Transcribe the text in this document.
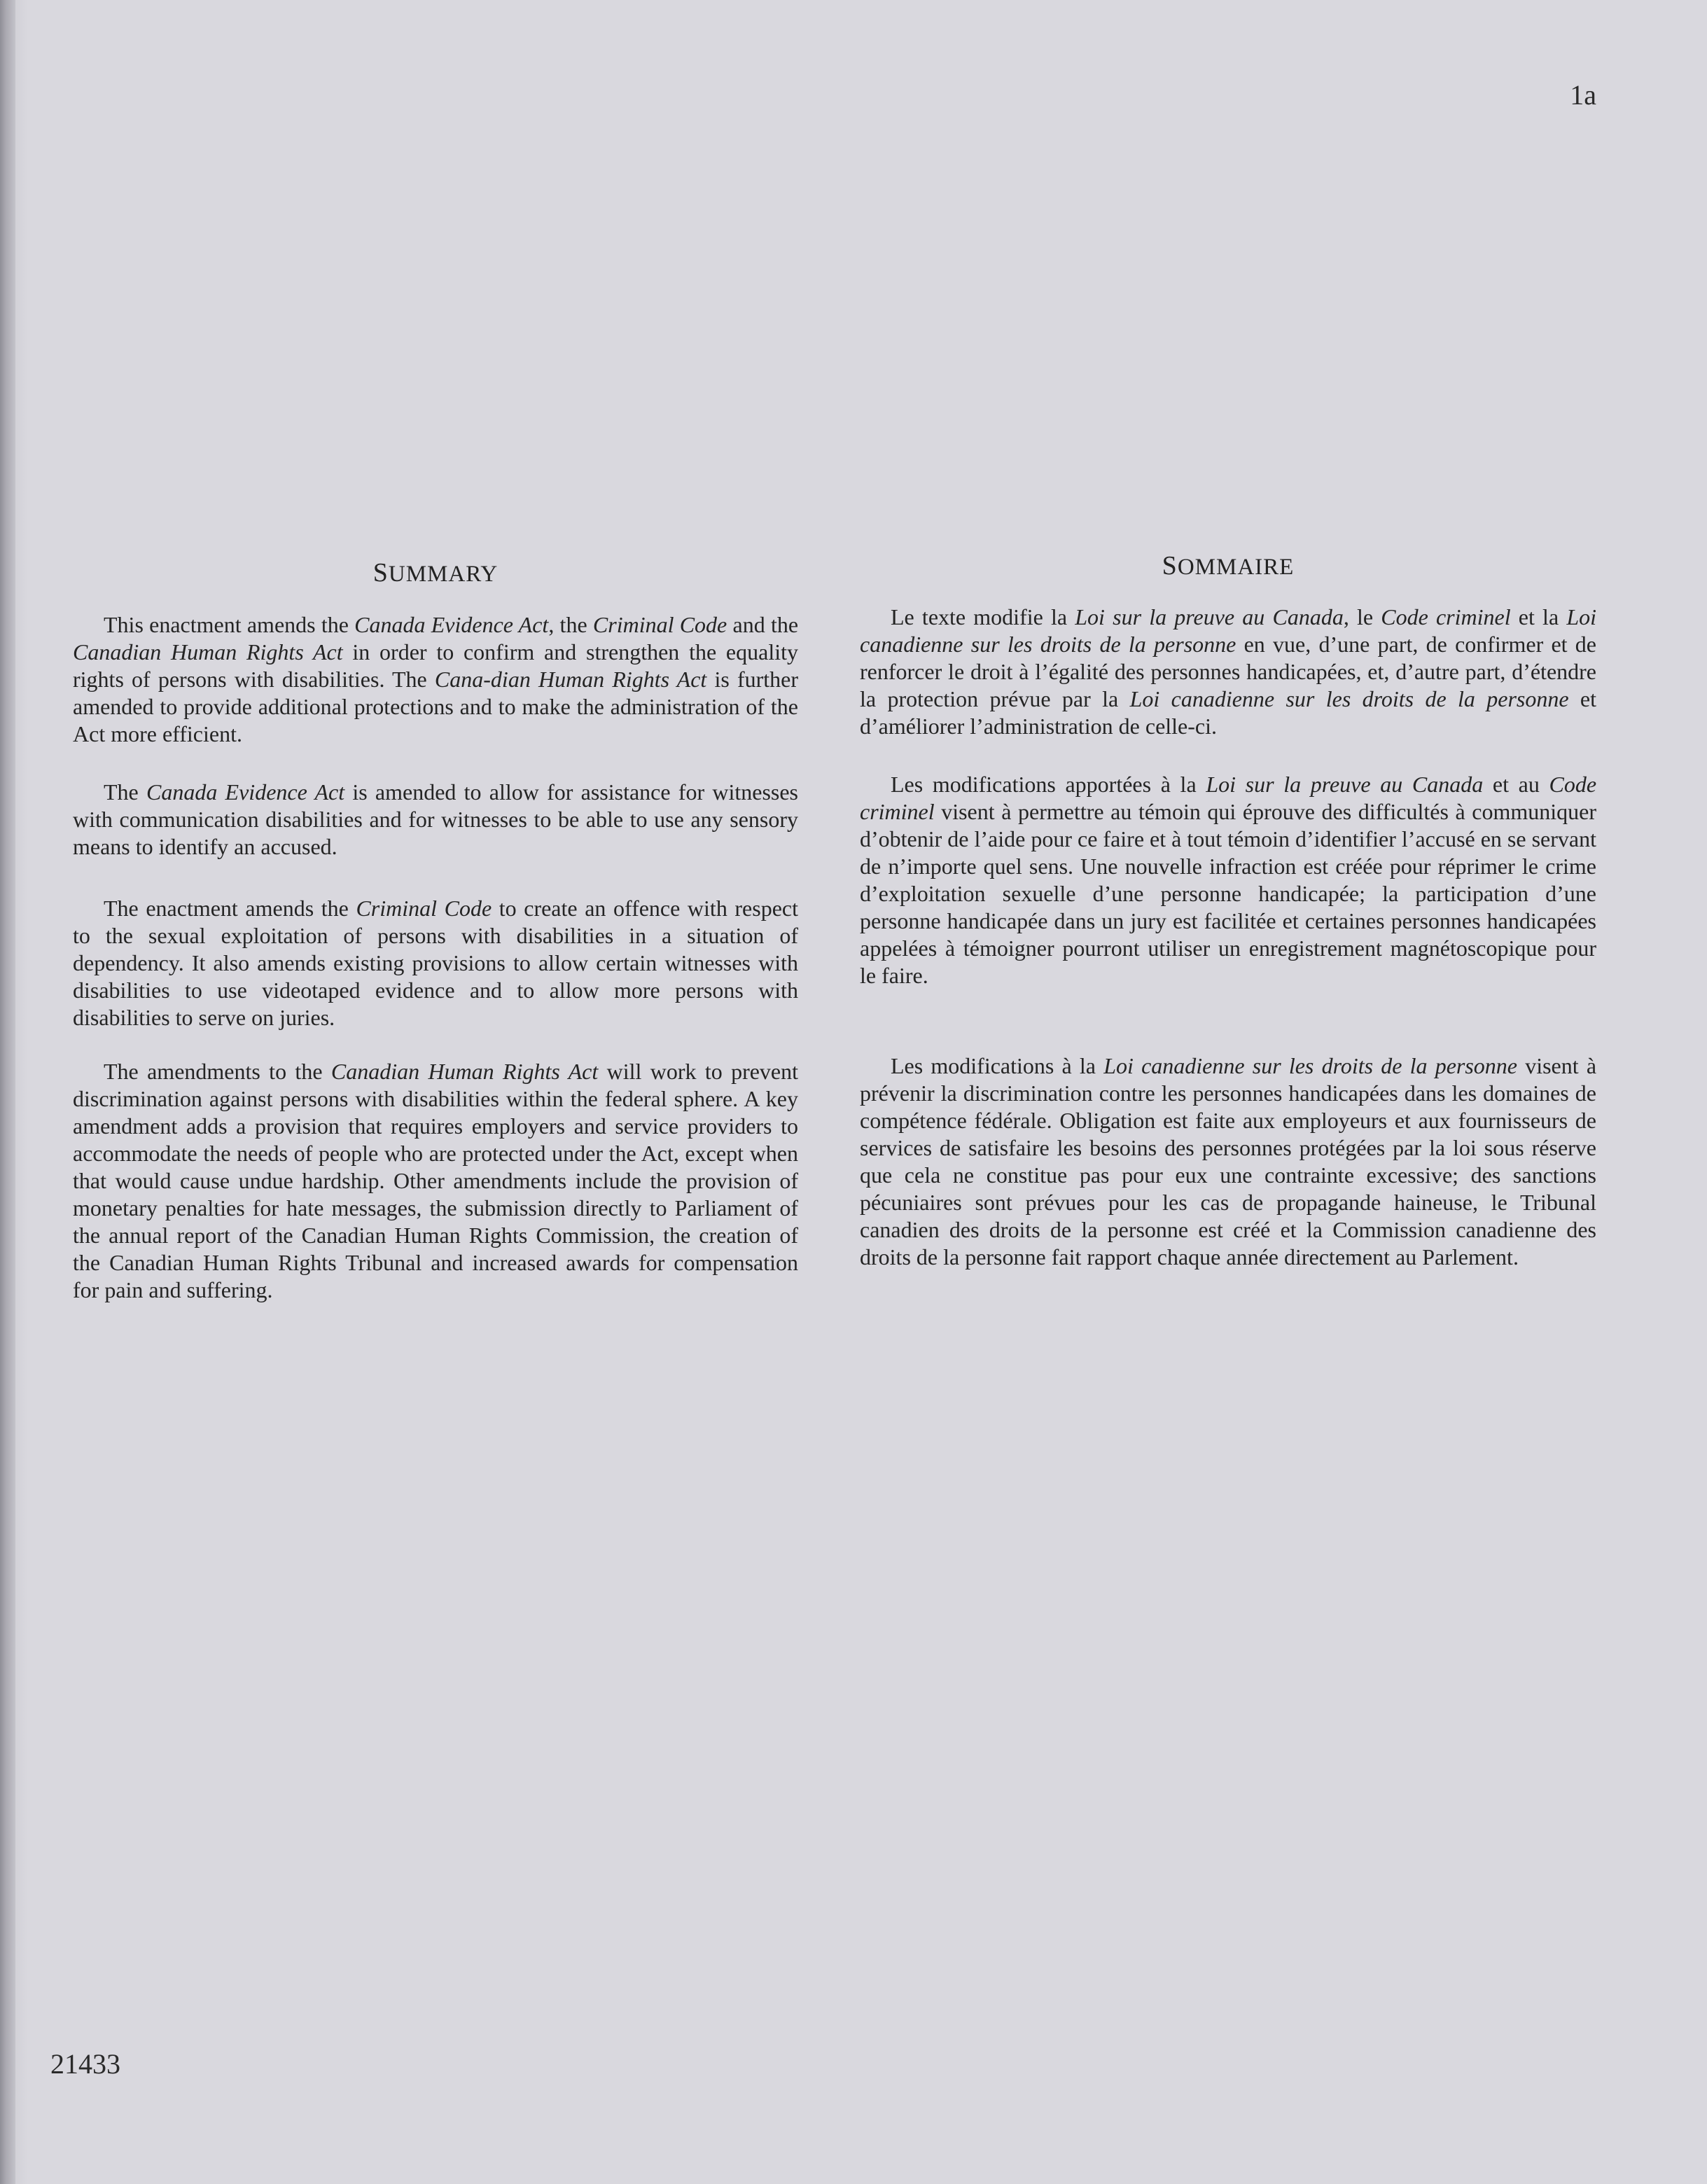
1a
SUMMARY

This enactment amends the Canada Evidence Act, the Criminal Code and the Canadian Human Rights Act in order to confirm and strengthen the equality rights of persons with disabilities. The Cana-dian Human Rights Act is further amended to provide additional protections and to make the administration of the Act more efficient.

The Canada Evidence Act is amended to allow for assistance for witnesses with communication disabilities and for witnesses to be able to use any sensory means to identify an accused.

The enactment amends the Criminal Code to create an offence with respect to the sexual exploitation of persons with disabilities in a situation of dependency. It also amends existing provisions to allow certain witnesses with disabilities to use videotaped evidence and to allow more persons with disabilities to serve on juries.

The amendments to the Canadian Human Rights Act will work to prevent discrimination against persons with disabilities within the federal sphere. A key amendment adds a provision that requires employers and service providers to accommodate the needs of people who are protected under the Act, except when that would cause undue hardship. Other amendments include the provision of monetary penalties for hate messages, the submission directly to Parliament of the annual report of the Canadian Human Rights Commission, the creation of the Canadian Human Rights Tribunal and increased awards for compensation for pain and suffering.

SOMMAIRE

Le texte modifie la Loi sur la preuve au Canada, le Code criminel et la Loi canadienne sur les droits de la personne en vue, d’une part, de confirmer et de renforcer le droit à l’égalité des personnes handicapées, et, d’autre part, d’étendre la protection prévue par la Loi canadienne sur les droits de la personne et d’améliorer l’administration de celle-ci.

Les modifications apportées à la Loi sur la preuve au Canada et au Code criminel visent à permettre au témoin qui éprouve des difficultés à communiquer d’obtenir de l’aide pour ce faire et à tout témoin d’identifier l’accusé en se servant de n’importe quel sens. Une nouvelle infraction est créée pour réprimer le crime d’exploitation sexuelle d’une personne handicapée; la participation d’une personne handicapée dans un jury est facilitée et certaines personnes handicapées appelées à témoigner pourront utiliser un enregistrement magnétoscopique pour le faire.

Les modifications à la Loi canadienne sur les droits de la personne visent à prévenir la discrimination contre les personnes handicapées dans les domaines de compétence fédérale. Obligation est faite aux employeurs et aux fournisseurs de services de satisfaire les besoins des personnes protégées par la loi sous réserve que cela ne constitue pas pour eux une contrainte excessive; des sanctions pécuniaires sont prévues pour les cas de propagande haineuse, le Tribunal canadien des droits de la personne est créé et la Commission canadienne des droits de la personne fait rapport chaque année directement au Parlement.

21433
